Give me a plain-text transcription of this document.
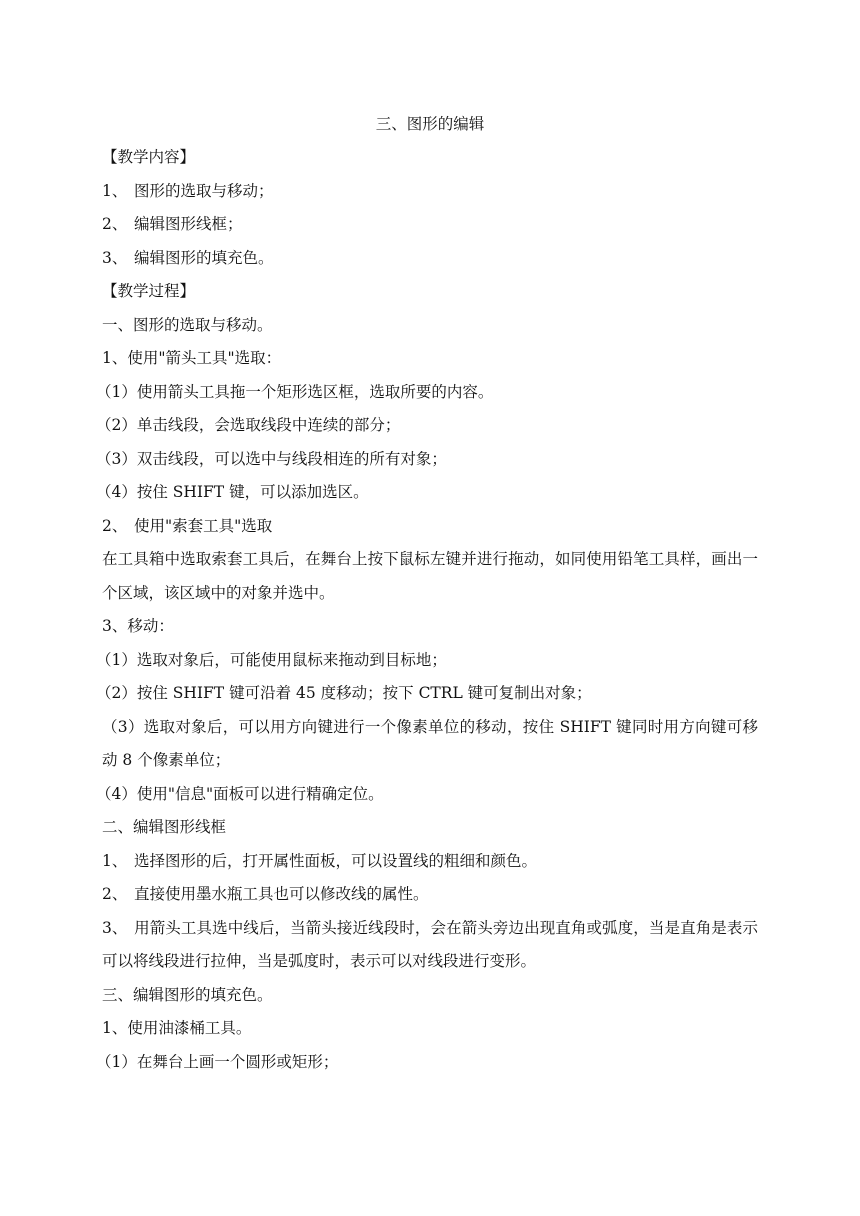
三、图形的编辑

【教学内容】

1、 图形的选取与移动；

2、 编辑图形线框；

3、 编辑图形的填充色。

【教学过程】

一、图形的选取与移动。

1、使用"箭头工具"选取：

（1）使用箭头工具拖一个矩形选区框，选取所要的内容。

（2）单击线段，会选取线段中连续的部分；

（3）双击线段，可以选中与线段相连的所有对象；

（4）按住 SHIFT 键，可以添加选区。

2、 使用"索套工具"选取

在工具箱中选取索套工具后，在舞台上按下鼠标左键并进行拖动，如同使用铅笔工具样，画出一个区域，该区域中的对象并选中。

3、移动：

（1）选取对象后，可能使用鼠标来拖动到目标地；

（2）按住 SHIFT 键可沿着 45 度移动；按下 CTRL 键可复制出对象；

（3）选取对象后，可以用方向键进行一个像素单位的移动，按住 SHIFT 键同时用方向键可移动 8 个像素单位；

（4）使用"信息"面板可以进行精确定位。

二、编辑图形线框

1、 选择图形的后，打开属性面板，可以设置线的粗细和颜色。

2、 直接使用墨水瓶工具也可以修改线的属性。

3、 用箭头工具选中线后，当箭头接近线段时，会在箭头旁边出现直角或弧度，当是直角是表示可以将线段进行拉伸，当是弧度时，表示可以对线段进行变形。

三、编辑图形的填充色。

1、使用油漆桶工具。

（1）在舞台上画一个圆形或矩形；
